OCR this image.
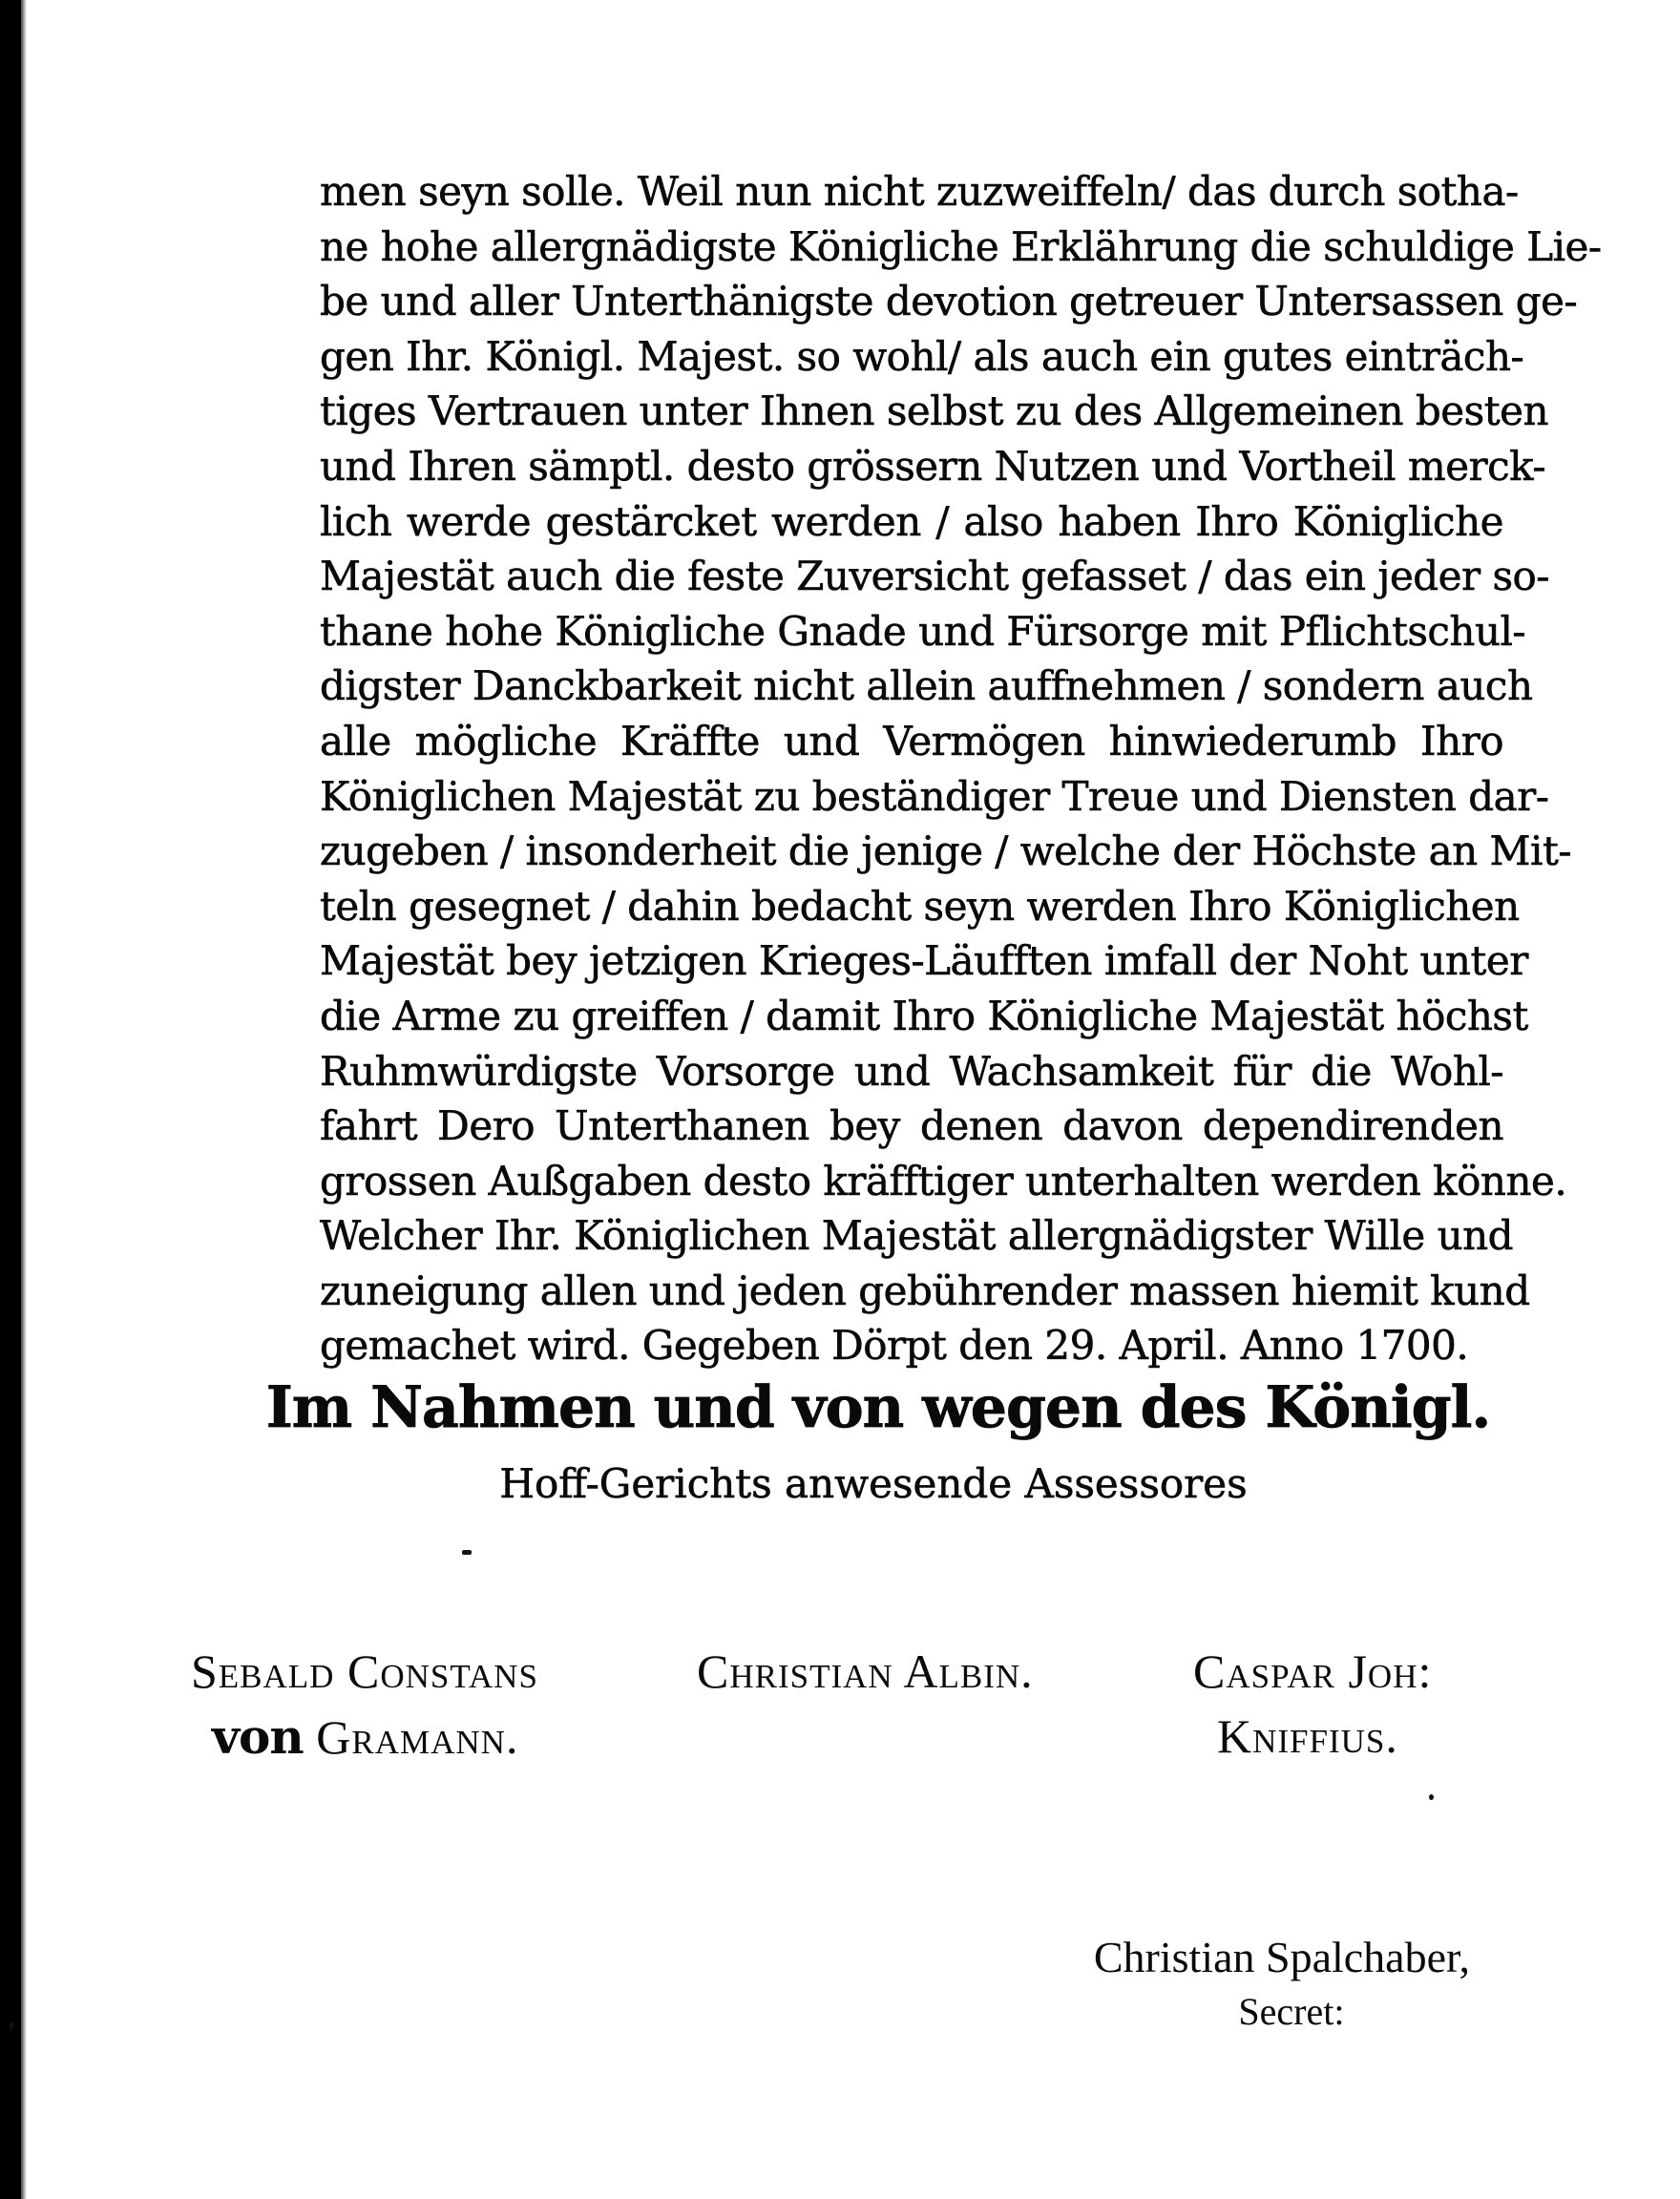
men seyn solle. Weil nun nicht zuzweiffeln/ das durch sotha-
ne hohe allergnädigste Königliche Erklährung die schuldige Lie-
be und aller Unterthänigste devotion getreuer Untersassen ge-
gen Ihr. Königl. Majest. so wohl/ als auch ein gutes einträch-
tiges Vertrauen unter Ihnen selbst zu des Allgemeinen besten
und Ihren sämptl. desto grössern Nutzen und Vortheil merck-
lich werde gestärcket werden / also haben Ihro Königliche
Majestät auch die feste Zuversicht gefasset / das ein jeder so-
thane hohe Königliche Gnade und Fürsorge mit Pflichtschul-
digster Danckbarkeit nicht allein auffnehmen / sondern auch
alle mögliche Kräffte und Vermögen hinwiederumb Ihro
Königlichen Majestät zu beständiger Treue und Diensten dar-
zugeben / insonderheit die jenige / welche der Höchste an Mit-
teln gesegnet / dahin bedacht seyn werden Ihro Königlichen
Majestät bey jetzigen Krieges-Läufften imfall der Noht unter
die Arme zu greiffen / damit Ihro Königliche Majestät höchst
Ruhmwürdigste Vorsorge und Wachsamkeit für die Wohl-
fahrt Dero Unterthanen bey denen davon dependirenden
grossen Außgaben desto kräfftiger unterhalten werden könne.
Welcher Ihr. Königlichen Majestät allergnädigster Wille und
zuneigung allen und jeden gebührender massen hiemit kund
gemachet wird. Gegeben Dörpt den 29. April. Anno 1700.
Im Nahmen und von wegen des Königl.
Hoff-Gerichts anwesende Assessores
Sebald Constans
von Gramann.
Christian Albin.	Caspar Joh:
Kniffius.
Christian Spalchaber,
Secret:
